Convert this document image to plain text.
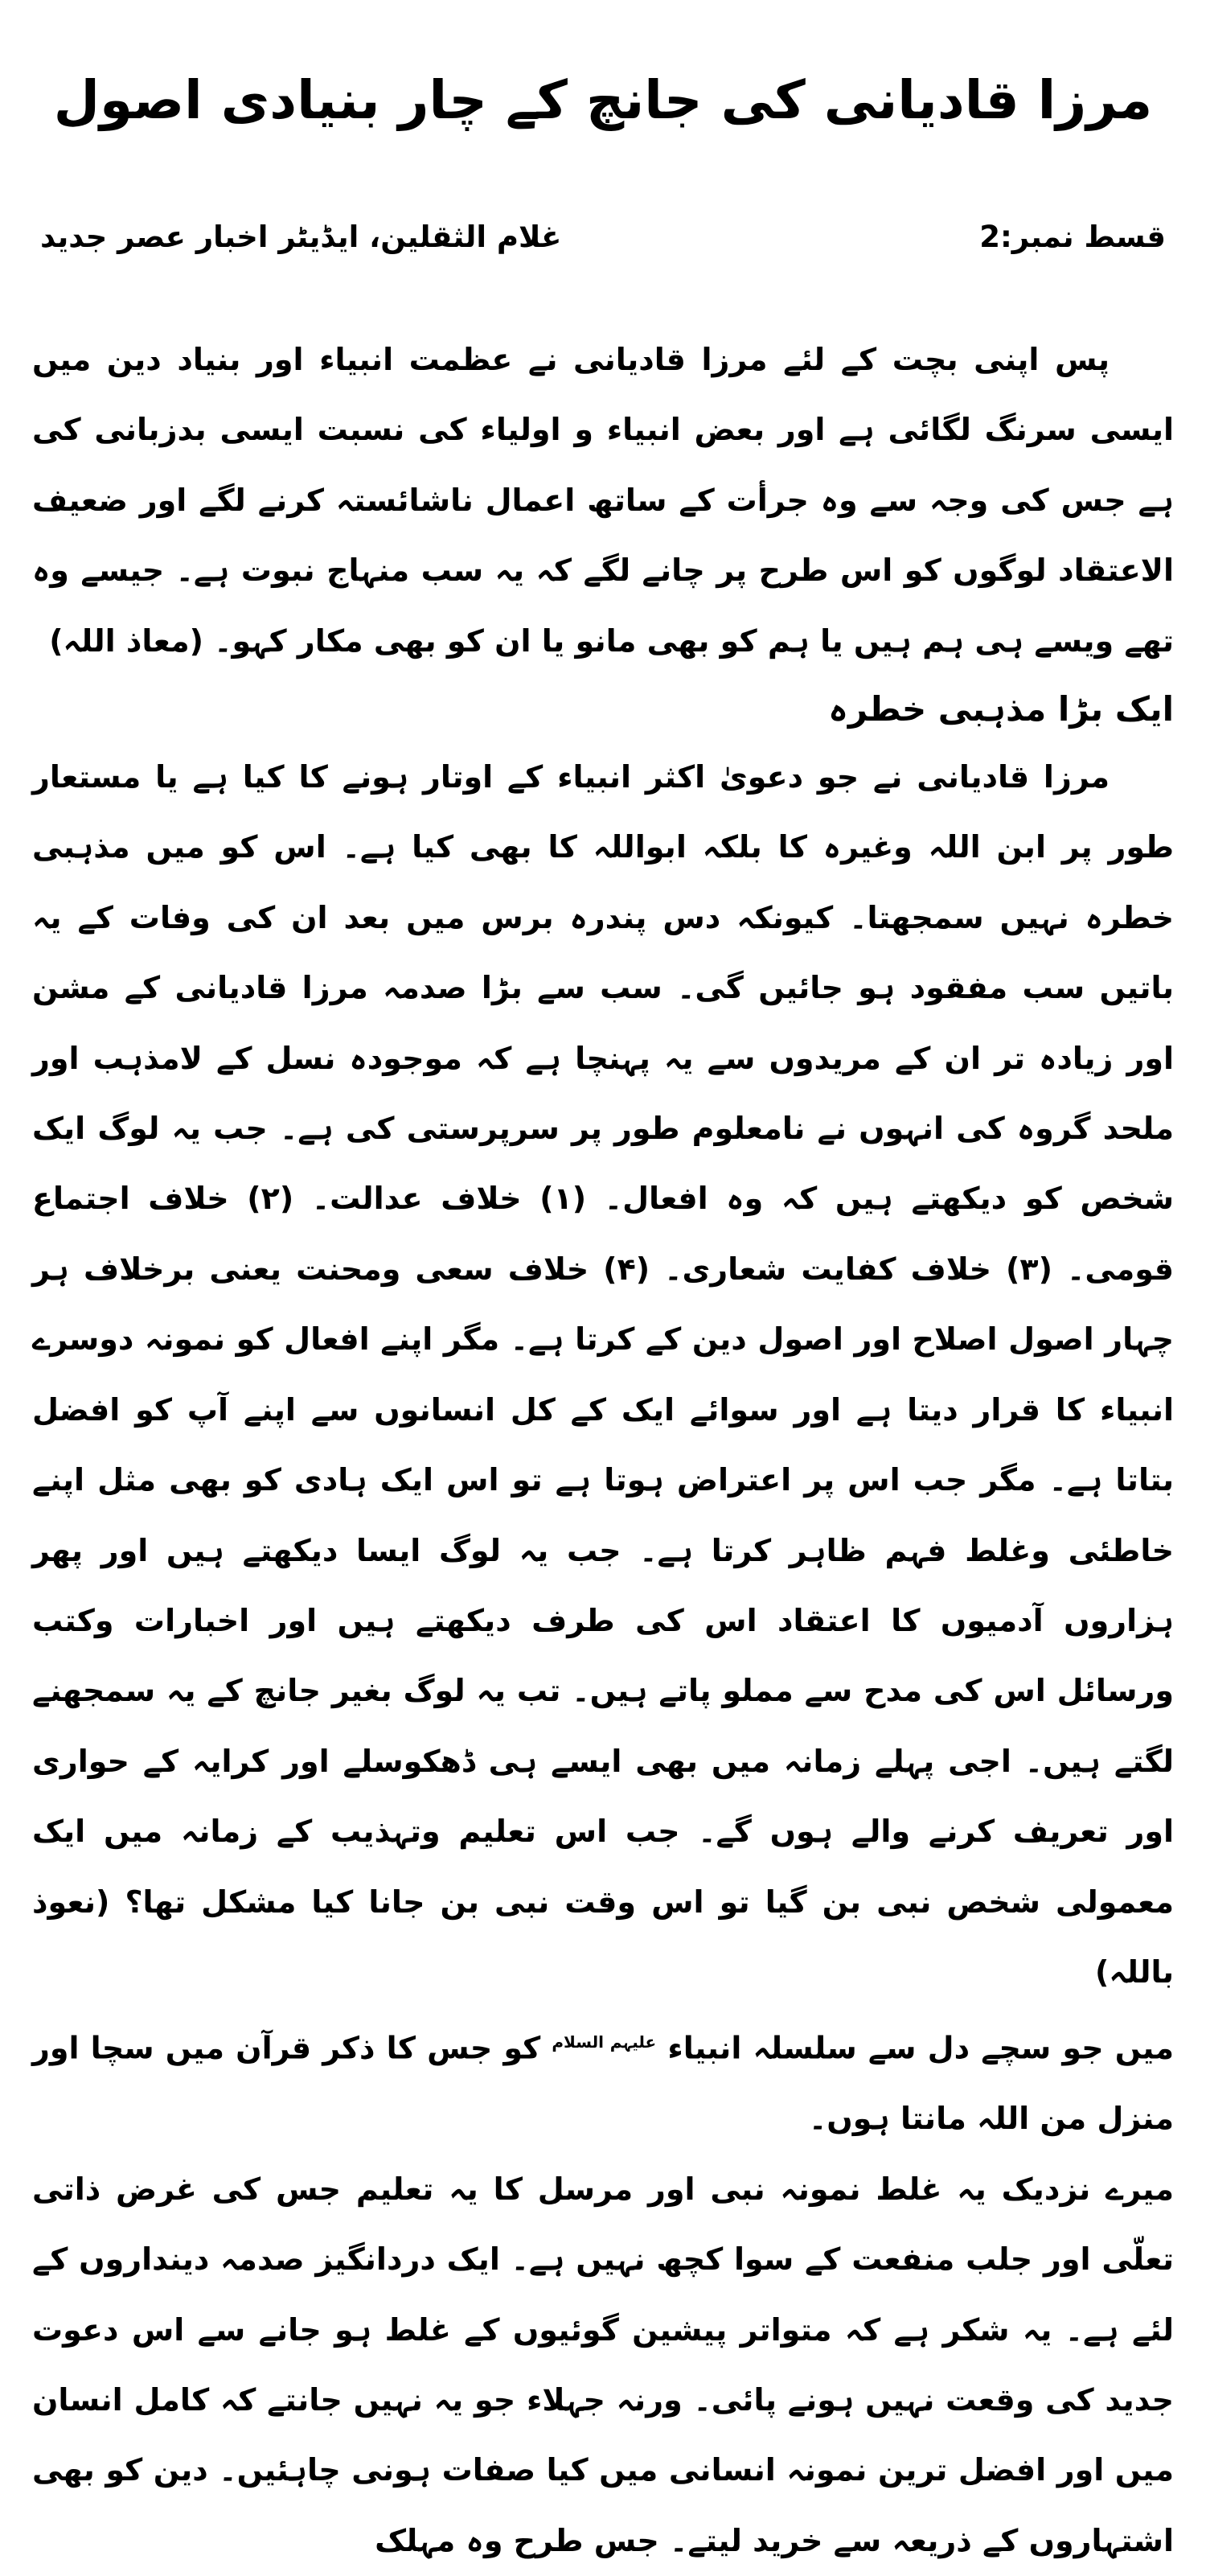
مرزا قادیانی کی جانچ کے چار بنیادی اصول
قسط نمبر:2
غلام الثقلین، ایڈیٹر اخبار عصر جدید

پس اپنی بچت کے لئے مرزا قادیانی نے عظمت انبیاء اور بنیاد دین میں ایسی سرنگ لگائی ہے اور بعض انبیاء و اولیاء کی نسبت ایسی بدزبانی کی ہے جس کی وجہ سے وہ جرأت کے ساتھ اعمال ناشائستہ کرنے لگے اور ضعیف الاعتقاد لوگوں کو اس طرح پر چانے لگے کہ یہ سب منہاج نبوت ہے۔ جیسے وہ تھے ویسے ہی ہم ہیں یا ہم کو بھی مانو یا ان کو بھی مکار کہو۔ (معاذ اللہ)

ایک بڑا مذہبی خطرہ

مرزا قادیانی نے جو دعویٰ اکثر انبیاء کے اوتار ہونے کا کیا ہے یا مستعار طور پر ابن اللہ وغیرہ کا بلکہ ابواللہ کا بھی کیا ہے۔ اس کو میں مذہبی خطرہ نہیں سمجھتا۔ کیونکہ دس پندرہ برس میں بعد ان کی وفات کے یہ باتیں سب مفقود ہو جائیں گی۔ سب سے بڑا صدمہ مرزا قادیانی کے مشن اور زیادہ تر ان کے مریدوں سے یہ پہنچا ہے کہ موجودہ نسل کے لامذہب اور ملحد گروہ کی انہوں نے نامعلوم طور پر سرپرستی کی ہے۔ جب یہ لوگ ایک شخص کو دیکھتے ہیں کہ وہ افعال۔ (۱) خلاف عدالت۔ (۲) خلاف اجتماع قومی۔ (۳) خلاف کفایت شعاری۔ (۴) خلاف سعی ومحنت یعنی برخلاف ہر چہار اصول اصلاح اور اصول دین کے کرتا ہے۔ مگر اپنے افعال کو نمونہ دوسرے انبیاء کا قرار دیتا ہے اور سوائے ایک کے کل انسانوں سے اپنے آپ کو افضل بتاتا ہے۔ مگر جب اس پر اعتراض ہوتا ہے تو اس ایک ہادی کو بھی مثل اپنے خاطئی وغلط فہم ظاہر کرتا ہے۔ جب یہ لوگ ایسا دیکھتے ہیں اور پھر ہزاروں آدمیوں کا اعتقاد اس کی طرف دیکھتے ہیں اور اخبارات وکتب ورسائل اس کی مدح سے مملو پاتے ہیں۔ تب یہ لوگ بغیر جانچ کے یہ سمجھنے لگتے ہیں۔ اجی پہلے زمانہ میں بھی ایسے ہی ڈھکوسلے اور کرایہ کے حواری اور تعریف کرنے والے ہوں گے۔ جب اس تعلیم وتہذیب کے زمانہ میں ایک معمولی شخص نبی بن گیا تو اس وقت نبی بن جانا کیا مشکل تھا؟ (نعوذ باللہ)

میں جو سچے دل سے سلسلہ انبیاء $^{علیہم السلام}$ کو جس کا ذکر قرآن میں سچا اور منزل من اللہ مانتا ہوں۔

میرے نزدیک یہ غلط نمونہ نبی اور مرسل کا یہ تعلیم جس کی غرض ذاتی تعلّی اور جلب منفعت کے سوا کچھ نہیں ہے۔ ایک دردانگیز صدمہ دینداروں کے لئے ہے۔ یہ شکر ہے کہ متواتر پیشین گوئیوں کے غلط ہو جانے سے اس دعوت جدید کی وقعت نہیں ہونے پائی۔ ورنہ جہلاء جو یہ نہیں جانتے کہ کامل انسان میں اور افضل ترین نمونہ انسانی میں کیا صفات ہونی چاہئیں۔ دین کو بھی اشتہاروں کے ذریعہ سے خرید لیتے۔ جس طرح وہ مہلک
